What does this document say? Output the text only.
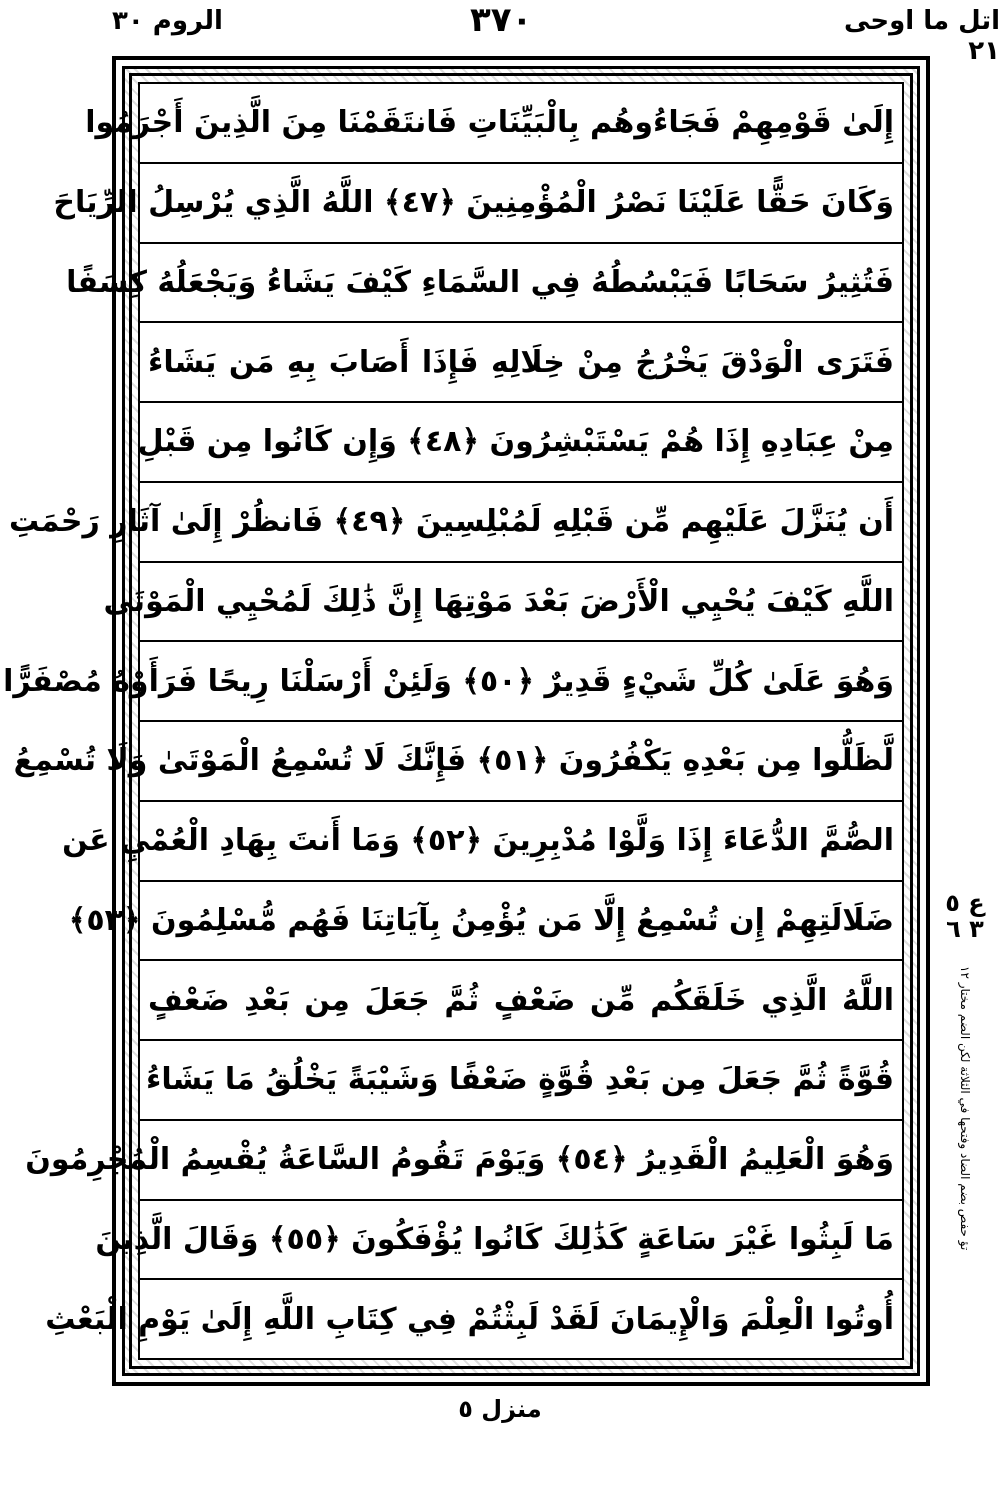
الروم ٣٠	٣٧٠	اتل ما اوحی ٢١
إِلَىٰ قَوْمِهِمْ فَجَاءُوهُم بِالْبَيِّنَاتِ فَانتَقَمْنَا مِنَ الَّذِينَ أَجْرَمُوا
وَكَانَ حَقًّا عَلَيْنَا نَصْرُ الْمُؤْمِنِينَ ﴿٤٧﴾ اللَّهُ الَّذِي يُرْسِلُ الرِّيَاحَ
فَتُثِيرُ سَحَابًا فَيَبْسُطُهُ فِي السَّمَاءِ كَيْفَ يَشَاءُ وَيَجْعَلُهُ كِسَفًا
فَتَرَى الْوَدْقَ يَخْرُجُ مِنْ خِلَالِهِ فَإِذَا أَصَابَ بِهِ مَن يَشَاءُ
مِنْ عِبَادِهِ إِذَا هُمْ يَسْتَبْشِرُونَ ﴿٤٨﴾ وَإِن كَانُوا مِن قَبْلِ
أَن يُنَزَّلَ عَلَيْهِم مِّن قَبْلِهِ لَمُبْلِسِينَ ﴿٤٩﴾ فَانظُرْ إِلَىٰ آثَارِ رَحْمَتِ
اللَّهِ كَيْفَ يُحْيِي الْأَرْضَ بَعْدَ مَوْتِهَا إِنَّ ذَٰلِكَ لَمُحْيِي الْمَوْتَىٰ
وَهُوَ عَلَىٰ كُلِّ شَيْءٍ قَدِيرٌ ﴿٥٠﴾ وَلَئِنْ أَرْسَلْنَا رِيحًا فَرَأَوْهُ مُصْفَرًّا
لَّظَلُّوا مِن بَعْدِهِ يَكْفُرُونَ ﴿٥١﴾ فَإِنَّكَ لَا تُسْمِعُ الْمَوْتَىٰ وَلَا تُسْمِعُ
الصُّمَّ الدُّعَاءَ إِذَا وَلَّوْا مُدْبِرِينَ ﴿٥٢﴾ وَمَا أَنتَ بِهَادِ الْعُمْيِ عَن
ضَلَالَتِهِمْ إِن تُسْمِعُ إِلَّا مَن يُؤْمِنُ بِآيَاتِنَا فَهُم مُّسْلِمُونَ ﴿٥٣﴾
اللَّهُ الَّذِي خَلَقَكُم مِّن ضَعْفٍ ثُمَّ جَعَلَ مِن بَعْدِ ضَعْفٍ
قُوَّةً ثُمَّ جَعَلَ مِن بَعْدِ قُوَّةٍ ضَعْفًا وَشَيْبَةً يَخْلُقُ مَا يَشَاءُ
وَهُوَ الْعَلِيمُ الْقَدِيرُ ﴿٥٤﴾ وَيَوْمَ تَقُومُ السَّاعَةُ يُقْسِمُ الْمُجْرِمُونَ
مَا لَبِثُوا غَيْرَ سَاعَةٍ كَذَٰلِكَ كَانُوا يُؤْفَكُونَ ﴿٥٥﴾ وَقَالَ الَّذِينَ
أُوتُوا الْعِلْمَ وَالْإِيمَانَ لَقَدْ لَبِثْتُمْ فِي كِتَابِ اللَّهِ إِلَىٰ يَوْمِ الْبَعْثِ
ع ٥ ٣ ٦
تؤ حفص بضم الضاد وفتحها في الثلاثة لكن الضم مختار ١٢
منزل ٥
